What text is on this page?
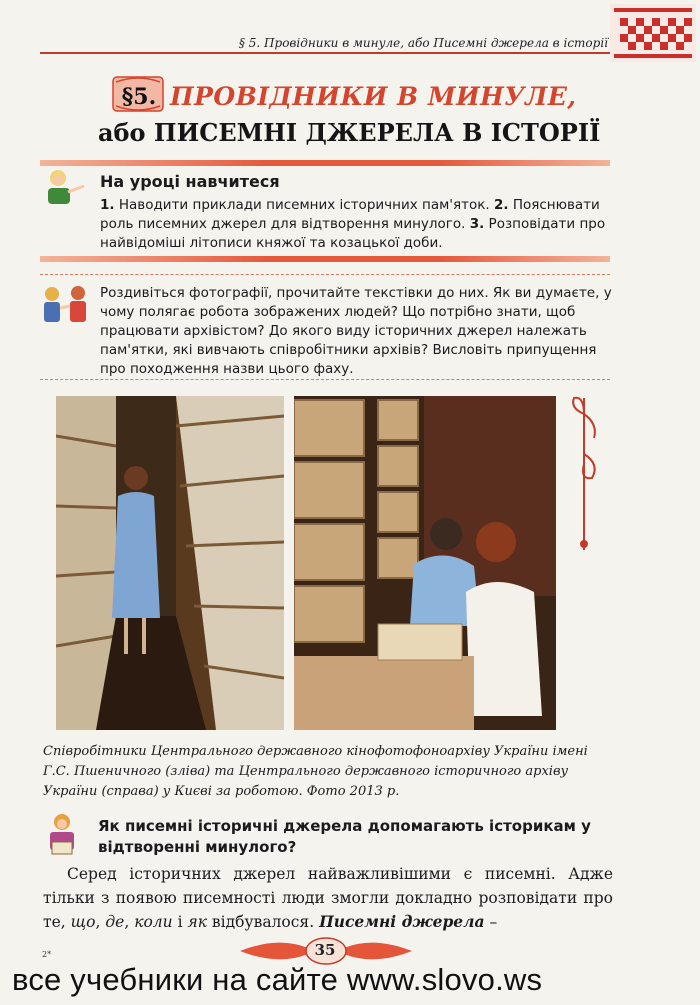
§ 5. Провідники в минуле, або Писемні джерела в історії
§5. ПРОВІДНИКИ В МИНУЛЕ,
або ПИСЕМНІ ДЖЕРЕЛА В ІСТОРІЇ
На уроці навчитеся
1. Наводити приклади писемних історичних пам'яток. 2. Пояснювати роль писемних джерел для відтворення минулого. 3. Розповідати про найвідоміші літописи княжої та козацької доби.
Роздивіться фотографії, прочитайте текстівки до них. Як ви думаєте, у чому полягає робота зображених людей? Що потрібно знати, щоб працювати архівістом? До якого виду історичних джерел належать пам'ятки, які вивчають співробітники архівів? Висловіть припущення про походження назви цього фаху.
Співробітники Центрального державного кінофотофоноархіву України імені Г.С. Пшеничного (зліва) та Центрального державного історичного архіву України (справа) у Києві за роботою. Фото 2013 р.
Як писемні історичні джерела допомагають історикам у відтворенні минулого?
Серед історичних джерел найважливішими є писемні. Адже тільки з появою писемності люди змогли докладно розповідати про те, що, де, коли і як відбувалося. Писемні джерела –
35
2*
все учебники на сайте www.slovo.ws
